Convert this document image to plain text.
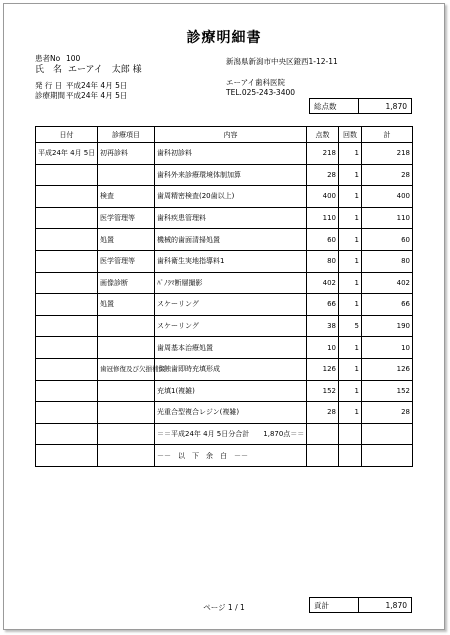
診療明細書
患者No 100
氏　名 エーアイ　太郎 様
発 行 日 平成24年 4月 5日
診療期間 平成24年 4月 5日
新潟県新潟市中央区鐙西1-12-11
エーアイ歯科医院
TEL.025-243-3400
総点数	1,870
日付	診療項目	内容	点数	回数	計
平成24年 4月 5日	初再診料	歯科初診料	218	1	218
		歯科外来診療環境体制加算	28	1	28
	検査	歯周精密検査(20歯以上)	400	1	400
	医学管理等	歯科疾患管理料	110	1	110
	処置	機械的歯面清掃処置	60	1	60
	医学管理等	歯科衛生実地指導料1	80	1	80
	画像診断	ﾊﾟﾉﾗﾏ断層撮影	402	1	402
	処置	スケーリング	66	1	66
		スケーリング	38	5	190
		歯周基本治療処置	10	1	10
	歯冠修復及び欠損補綴	う蝕歯即時充填形成	126	1	126
		充填1(複雑)	152	1	152
		光重合型複合レジン(複雑)	28	1	28
		＝＝平成24年 4月 5日分合計　　1,870点＝＝			
		－－　以　下　余　白　－－			
ページ 1 / 1	貢計	1,870
